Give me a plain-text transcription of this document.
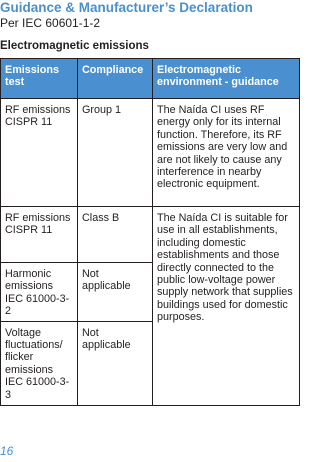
Guidance & Manufacturer’s Declaration
Per IEC 60601-1-2
Electromagnetic emissions
Emissions test	Compliance	Electromagnetic environment - guidance
RF emissions CISPR 11	Group 1	The Naída CI uses RF energy only for its internal function. Therefore, its RF emissions are very low and are not likely to cause any interference in nearby electronic equipment.
RF emissions CISPR 11	Class B	The Naída CI is suitable for use in all establishments, including domestic establishments and those directly connected to the public low-voltage power supply network that supplies buildings used for domestic purposes.
Harmonic emissions IEC 61000-3-2	Not applicable	
Voltage fluctuations/ flicker emissions IEC 61000-3-3	Not applicable	
16
